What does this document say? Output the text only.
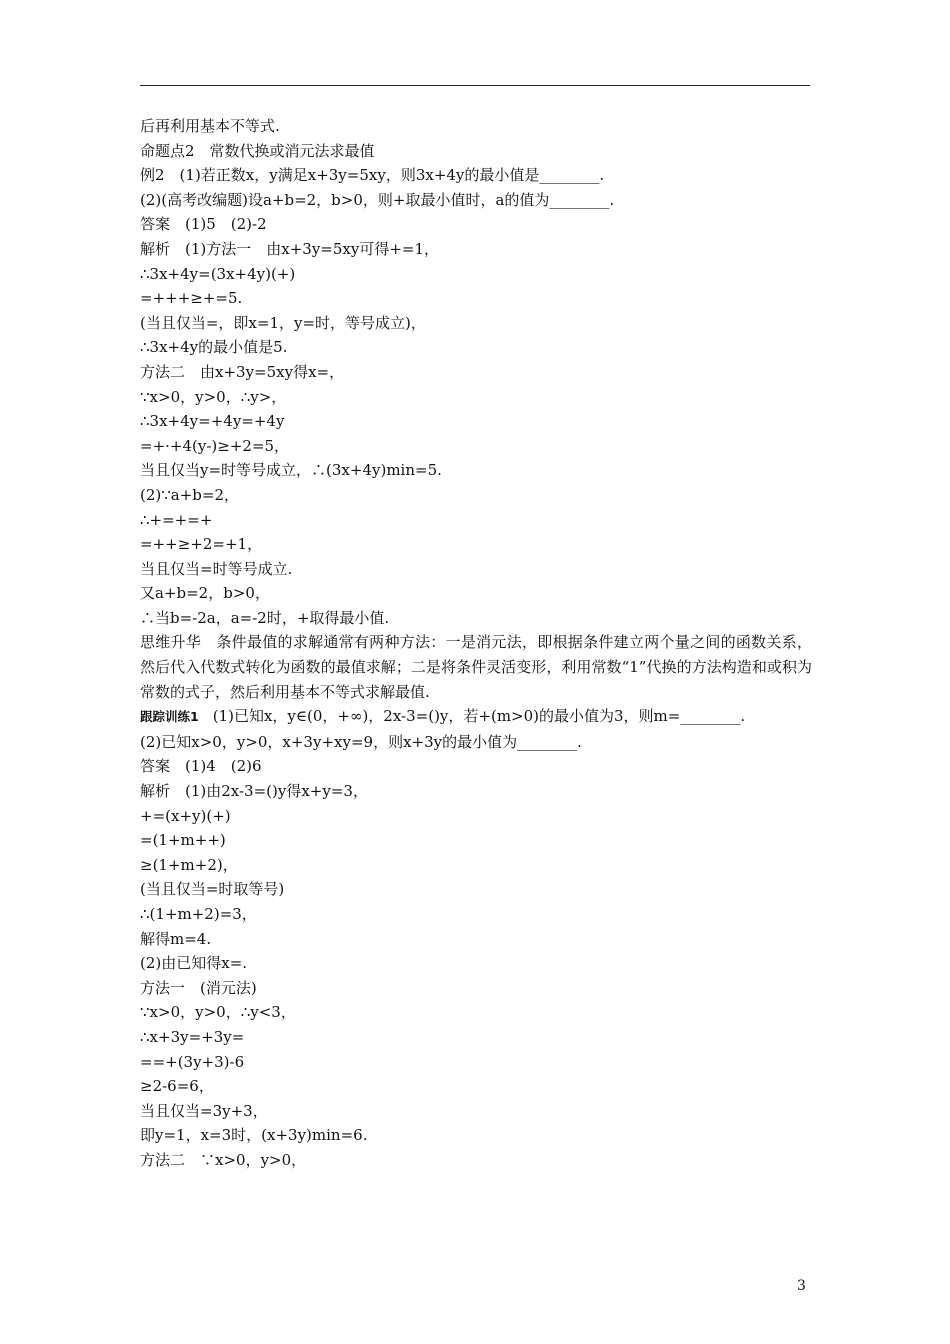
后再利用基本不等式.
命题点2　常数代换或消元法求最值
例2　(1)若正数x，y满足x+3y=5xy，则3x+4y的最小值是________.
(2)(高考改编题)设a+b=2，b>0，则+取最小值时，a的值为________.
答案　(1)5　(2)-2
解析　(1)方法一　由x+3y=5xy可得+=1，
∴3x+4y=(3x+4y)(+)
=+++≥+=5.
(当且仅当=，即x=1，y=时，等号成立)，
∴3x+4y的最小值是5.
方法二　由x+3y=5xy得x=，
∵x>0，y>0，∴y>，
∴3x+4y=+4y=+4y
=+·+4(y-)≥+2=5，
当且仅当y=时等号成立，∴(3x+4y)min=5.
(2)∵a+b=2，
∴+=+=+
=++≥+2=+1，
当且仅当=时等号成立.
又a+b=2，b>0，
∴当b=-2a，a=-2时，+取得最小值.
思维升华　条件最值的求解通常有两种方法：一是消元法，即根据条件建立两个量之间的函数关系，然后代入代数式转化为函数的最值求解；二是将条件灵活变形，利用常数“1”代换的方法构造和或积为常数的式子，然后利用基本不等式求解最值.
跟踪训练1 (1)已知x，y∈(0，+∞)，2x-3=()y，若+(m>0)的最小值为3，则m=________.
(2)已知x>0，y>0，x+3y+xy=9，则x+3y的最小值为________.
答案　(1)4　(2)6
解析　(1)由2x-3=()y得x+y=3，
+=(x+y)(+)
=(1+m++)
≥(1+m+2)，
(当且仅当=时取等号)
∴(1+m+2)=3，
解得m=4.
(2)由已知得x=.
方法一　(消元法)
∵x>0，y>0，∴y<3，
∴x+3y=+3y=
==+(3y+3)-6
≥2-6=6，
当且仅当=3y+3，
即y=1，x=3时，(x+3y)min=6.
方法二　∵x>0，y>0，
3
